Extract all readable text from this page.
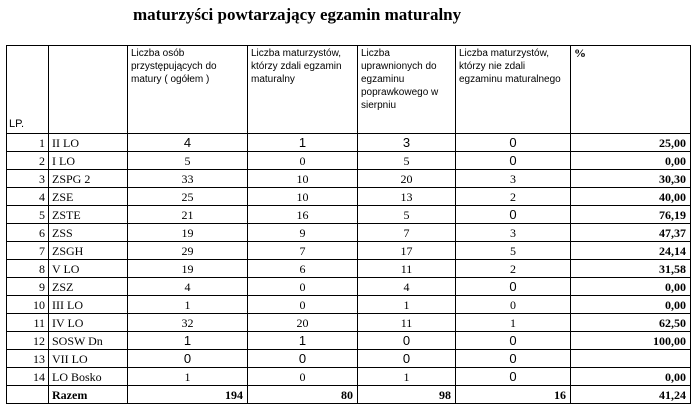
maturzyści powtarzający egzamin maturalny
LP.		Liczba osób przystępujących do matury ( ogółem )	Liczba maturzystów, którzy zdali egzamin maturalny	Liczba uprawnionych do egzaminu poprawkowego w sierpniu	Liczba maturzystów, którzy nie zdali egzaminu maturalnego	%
1	II LO	4	1	3	0	25,00
2	I LO	5	0	5	0	0,00
3	ZSPG 2	33	10	20	3	30,30
4	ZSE	25	10	13	2	40,00
5	ZSTE	21	16	5	0	76,19
6	ZSS	19	9	7	3	47,37
7	ZSGH	29	7	17	5	24,14
8	V LO	19	6	11	2	31,58
9	ZSZ	4	0	4	0	0,00
10	III LO	1	0	1	0	0,00
11	IV LO	32	20	11	1	62,50
12	SOSW Dn	1	1	0	0	100,00
13	VII LO	0	0	0	0	
14	LO Bosko	1	0	1	0	0,00
	Razem	194	80	98	16	41,24
